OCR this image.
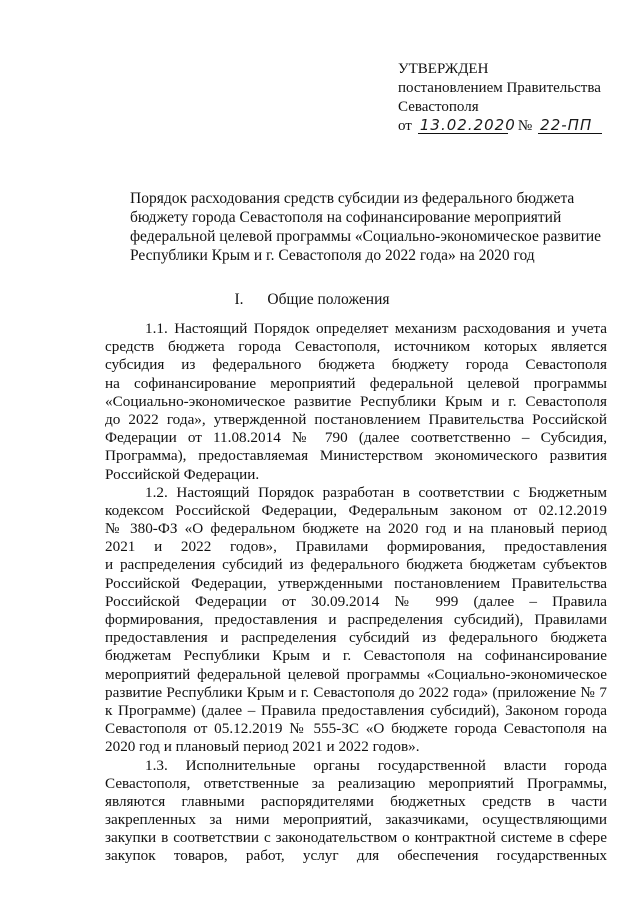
УТВЕРЖДЕН
постановлением Правительства
Севастополя
от 13.02.2020 № 22-ПП
Порядок расходования средств субсидии из федерального бюджета
бюджету города Севастополя на софинансирование мероприятий
федеральной целевой программы «Социально-экономическое развитие
Республики Крым и г. Севастополя до 2022 года» на 2020 год
I. Общие положения
1.1. Настоящий Порядок определяет механизм расходования и учета
средств бюджета города Севастополя, источником которых является
субсидия из федерального бюджета бюджету города Севастополя
на софинансирование мероприятий федеральной целевой программы
«Социально-экономическое развитие Республики Крым и г. Севастополя
до 2022 года», утвержденной постановлением Правительства Российской
Федерации от 11.08.2014 № 790 (далее соответственно – Субсидия,
Программа), предоставляемая Министерством экономического развития
Российской Федерации.
1.2. Настоящий Порядок разработан в соответствии с Бюджетным
кодексом Российской Федерации, Федеральным законом от 02.12.2019
№ 380-ФЗ «О федеральном бюджете на 2020 год и на плановый период
2021 и 2022 годов», Правилами формирования, предоставления
и распределения субсидий из федерального бюджета бюджетам субъектов
Российской Федерации, утвержденными постановлением Правительства
Российской Федерации от 30.09.2014 № 999 (далее – Правила
формирования, предоставления и распределения субсидий), Правилами
предоставления и распределения субсидий из федерального бюджета
бюджетам Республики Крым и г. Севастополя на софинансирование
мероприятий федеральной целевой программы «Социально-экономическое
развитие Республики Крым и г. Севастополя до 2022 года» (приложение № 7
к Программе) (далее – Правила предоставления субсидий), Законом города
Севастополя от 05.12.2019 № 555-ЗС «О бюджете города Севастополя на
2020 год и плановый период 2021 и 2022 годов».
1.3. Исполнительные органы государственной власти города
Севастополя, ответственные за реализацию мероприятий Программы,
являются главными распорядителями бюджетных средств в части
закрепленных за ними мероприятий, заказчиками, осуществляющими
закупки в соответствии с законодательством о контрактной системе в сфере
закупок товаров, работ, услуг для обеспечения государственных
